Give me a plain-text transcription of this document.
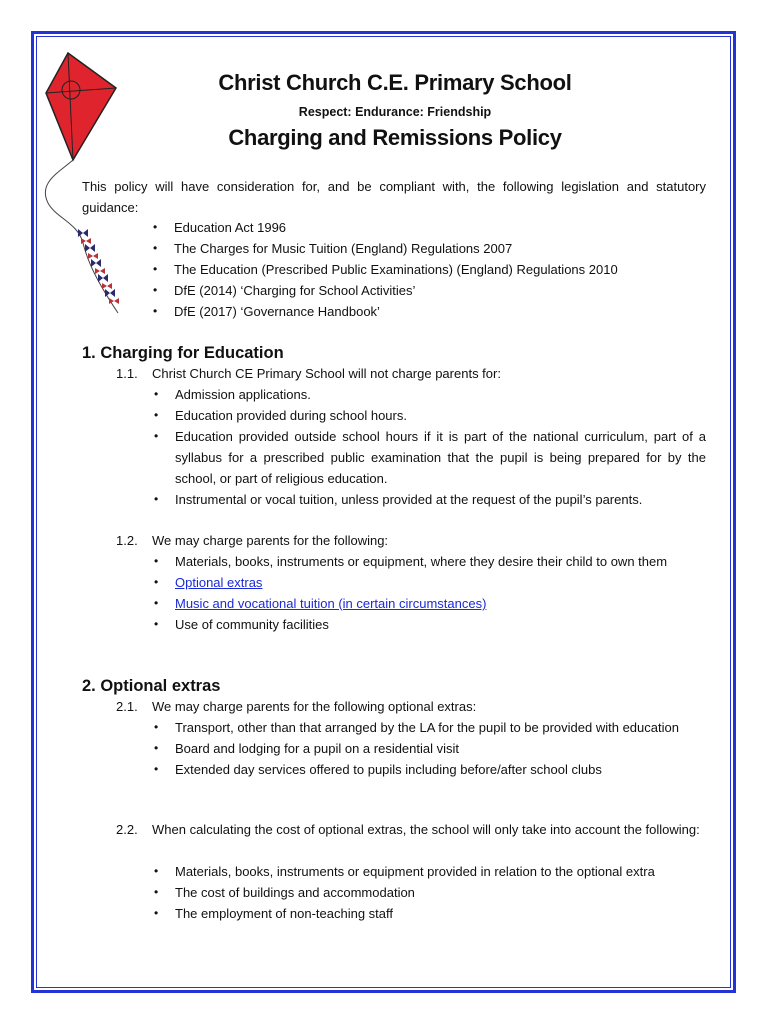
Christ Church C.E. Primary School
Respect: Endurance: Friendship
Charging and Remissions Policy
This policy will have consideration for, and be compliant with, the following legislation and statutory guidance:
• Education Act 1996
• The Charges for Music Tuition (England) Regulations 2007
• The Education (Prescribed Public Examinations) (England) Regulations 2010
• DfE (2014) ‘Charging for School Activities’
• DfE (2017) ‘Governance Handbook’
1. Charging for Education
1.1.	Christ Church CE Primary School will not charge parents for:
• Admission applications.
• Education provided during school hours.
• Education provided outside school hours if it is part of the national curriculum, part of a syllabus for a prescribed public examination that the pupil is being prepared for by the school, or part of religious education.
• Instrumental or vocal tuition, unless provided at the request of the pupil’s parents.
1.2.	We may charge parents for the following:
• Materials, books, instruments or equipment, where they desire their child to own them
• Optional extras
• Music and vocational tuition (in certain circumstances)
• Use of community facilities
2. Optional extras
2.1.	We may charge parents for the following optional extras:
• Transport, other than that arranged by the LA for the pupil to be provided with education
• Board and lodging for a pupil on a residential visit
• Extended day services offered to pupils including before/after school clubs
2.2.	When calculating the cost of optional extras, the school will only take into account the following:
• Materials, books, instruments or equipment provided in relation to the optional extra
• The cost of buildings and accommodation
• The employment of non-teaching staff
